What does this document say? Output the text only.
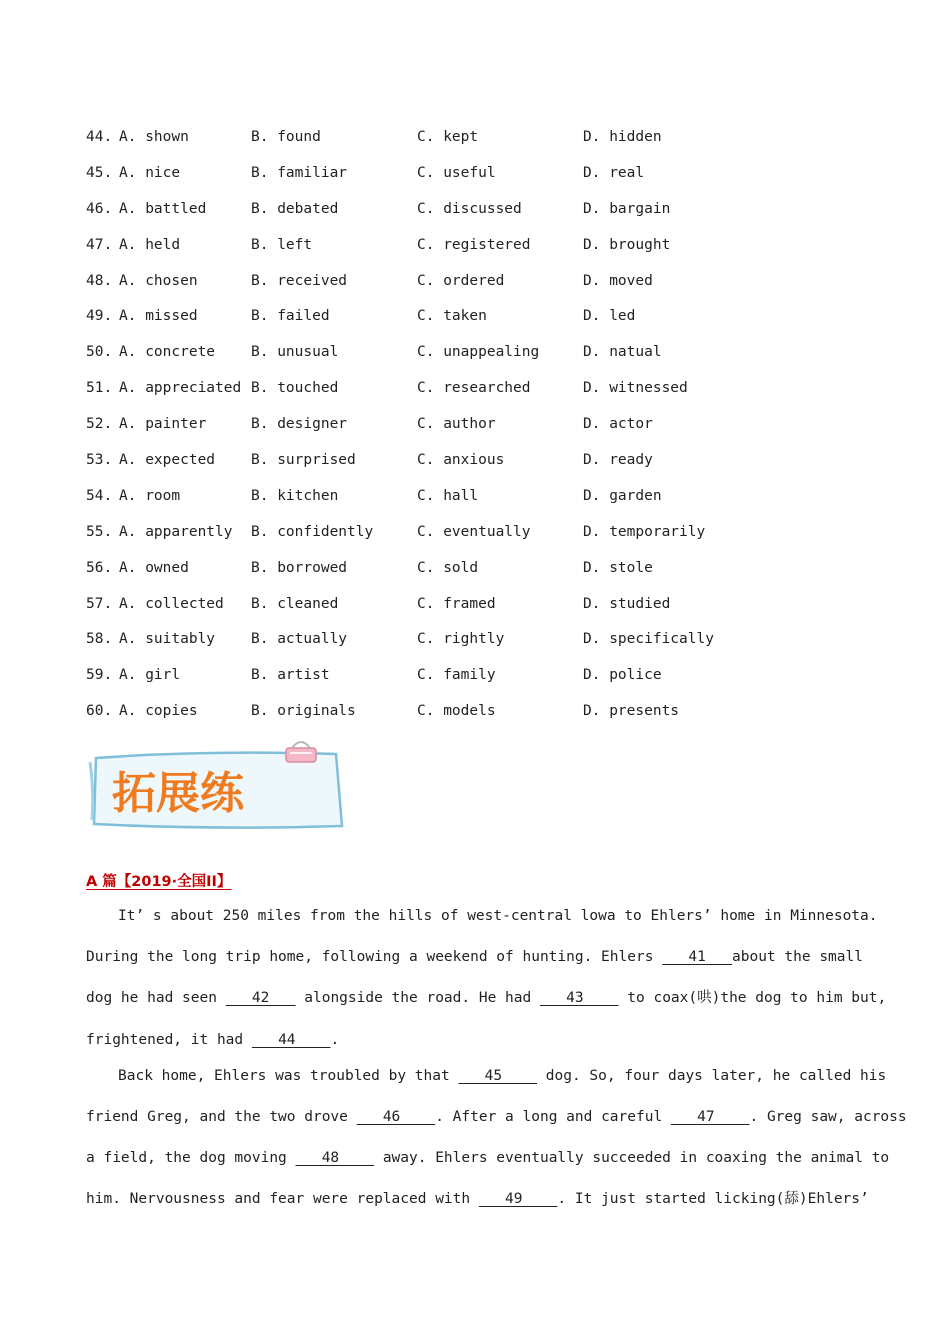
44. A. shown	B. found	C. kept	D. hidden
45. A. nice	B. familiar	C. useful	D. real
46. A. battled	B. debated	C. discussed	D. bargain
47. A. held	B. left	C. registered	D. brought
48. A. chosen	B. received	C. ordered	D. moved
49. A. missed	B. failed	C. taken	D. led
50. A. concrete B. unusual	C. unappealing	D. natual
51. A. appreciated B. touched	C. researched	D. witnessed
52. A. painter	B. designer	C. author	D. actor
53. A. expected B. surprised	C. anxious	D. ready
54. A. room	B. kitchen	C. hall	D. garden
55. A. apparently B. confidently	C. eventually	D. temporarily
56. A. owned	B. borrowed	C. sold	D. stole
57. A. collected B. cleaned	C. framed	D. studied
58. A. suitably B. actually	C. rightly	D. specifically
59. A. girl	B. artist	C. family	D. police
60. A. copies	B. originals	C. models	D. presents
拓展练
A 篇【2019·全国II】
It’ s about 250 miles from the hills of west-central lowa to Ehlers’ home in Minnesota.
During the long trip home, following a weekend of hunting. Ehlers    41   about the small
dog he had seen    42    alongside the road. He had    43     to coax(哄)the dog to him but,
frightened, it had    44    .
Back home, Ehlers was troubled by that    45     dog. So, four days later, he called his
friend Greg, and the two drove    46    . After a long and careful    47    . Greg saw, across
a field, the dog moving    48     away. Ehlers eventually succeeded in coaxing the animal to
him. Nervousness and fear were replaced with    49    . It just started licking(舔)Ehlers’
